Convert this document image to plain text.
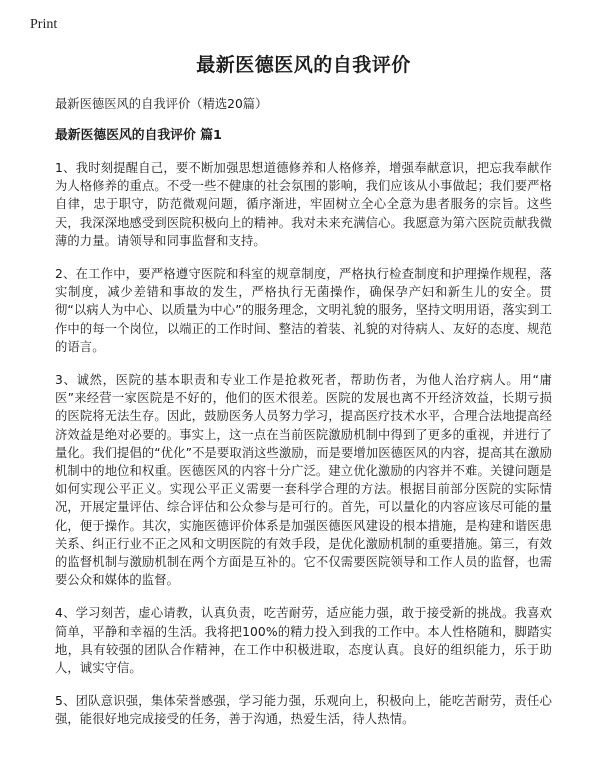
Print
最新医德医风的自我评价
最新医德医风的自我评价（精选20篇）
最新医德医风的自我评价 篇1

1、我时刻提醒自己，要不断加强思想道德修养和人格修养，增强奉献意识，把忘我奉献作为人格修养的重点。不受一些不健康的社会氛围的影响，我们应该从小事做起；我们要严格自律，忠于职守，防范微观问题，循序渐进，牢固树立全心全意为患者服务的宗旨。这些天，我深深地感受到医院积极向上的精神。我对未来充满信心。我愿意为第六医院贡献我微薄的力量。请领导和同事监督和支持。

2、在工作中，要严格遵守医院和科室的规章制度，严格执行检查制度和护理操作规程，落实制度，减少差错和事故的发生，严格执行无菌操作，确保孕产妇和新生儿的安全。贯彻“以病人为中心、以质量为中心”的服务理念，文明礼貌的服务，坚持文明用语，落实到工作中的每一个岗位，以端正的工作时间、整洁的着装、礼貌的对待病人、友好的态度、规范的语言。

3、诚然，医院的基本职责和专业工作是抢救死者，帮助伤者，为他人治疗病人。用“庸医”来经营一家医院是不好的，他们的医术很差。医院的发展也离不开经济效益，长期亏损的医院将无法生存。因此，鼓励医务人员努力学习，提高医疗技术水平，合理合法地提高经济效益是绝对必要的。事实上，这一点在当前医院激励机制中得到了更多的重视，并进行了量化。我们提倡的“优化”不是要取消这些激励，而是要增加医德医风的内容，提高其在激励机制中的地位和权重。医德医风的内容十分广泛。建立优化激励的内容并不难。关键问题是如何实现公平正义。实现公平正义需要一套科学合理的方法。根据目前部分医院的实际情况，开展定量评估、综合评估和公众参与是可行的。首先，可以量化的内容应该尽可能的量化，便于操作。其次，实施医德评价体系是加强医德医风建设的根本措施，是构建和谐医患关系、纠正行业不正之风和文明医院的有效手段，是优化激励机制的重要措施。第三，有效的监督机制与激励机制在两个方面是互补的。它不仅需要医院领导和工作人员的监督，也需要公众和媒体的监督。

4、学习刻苦，虚心请教，认真负责，吃苦耐劳，适应能力强，敢于接受新的挑战。我喜欢简单，平静和幸福的生活。我将把100%的精力投入到我的工作中。本人性格随和，脚踏实地，具有较强的团队合作精神，在工作中积极进取，态度认真。良好的组织能力，乐于助人，诚实守信。

5、团队意识强，集体荣誉感强，学习能力强，乐观向上，积极向上，能吃苦耐劳，责任心强，能很好地完成接受的任务，善于沟通，热爱生活，待人热情。
